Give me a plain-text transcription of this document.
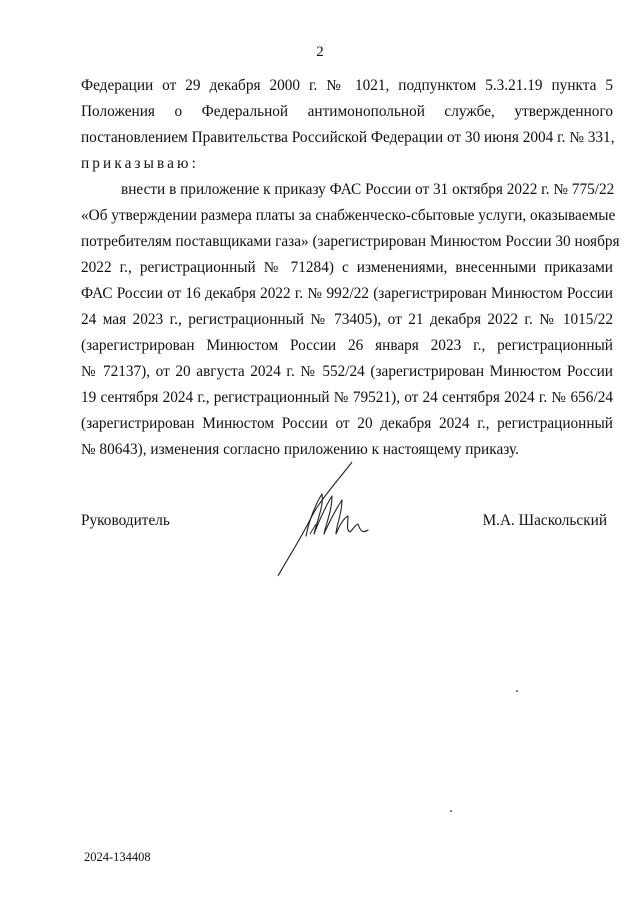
2
Федерации от 29 декабря 2000 г. № 1021, подпунктом 5.3.21.19 пункта 5
Положения о Федеральной антимонопольной службе, утвержденного
постановлением Правительства Российской Федерации от 30 июня 2004 г. № 331,
приказываю:
внести в приложение к приказу ФАС России от 31 октября 2022 г. № 775/22
«Об утверждении размера платы за снабженческо-сбытовые услуги, оказываемые
потребителям поставщиками газа» (зарегистрирован Минюстом России 30 ноября
2022 г., регистрационный № 71284) с изменениями, внесенными приказами
ФАС России от 16 декабря 2022 г. № 992/22 (зарегистрирован Минюстом России
24 мая 2023 г., регистрационный № 73405), от 21 декабря 2022 г. № 1015/22
(зарегистрирован Минюстом России 26 января 2023 г., регистрационный
№ 72137), от 20 августа 2024 г. № 552/24 (зарегистрирован Минюстом России
19 сентября 2024 г., регистрационный № 79521), от 24 сентября 2024 г. № 656/24
(зарегистрирован Минюстом России от 20 декабря 2024 г., регистрационный
№ 80643), изменения согласно приложению к настоящему приказу.
Руководитель	М.А. Шаскольский
2024-134408
